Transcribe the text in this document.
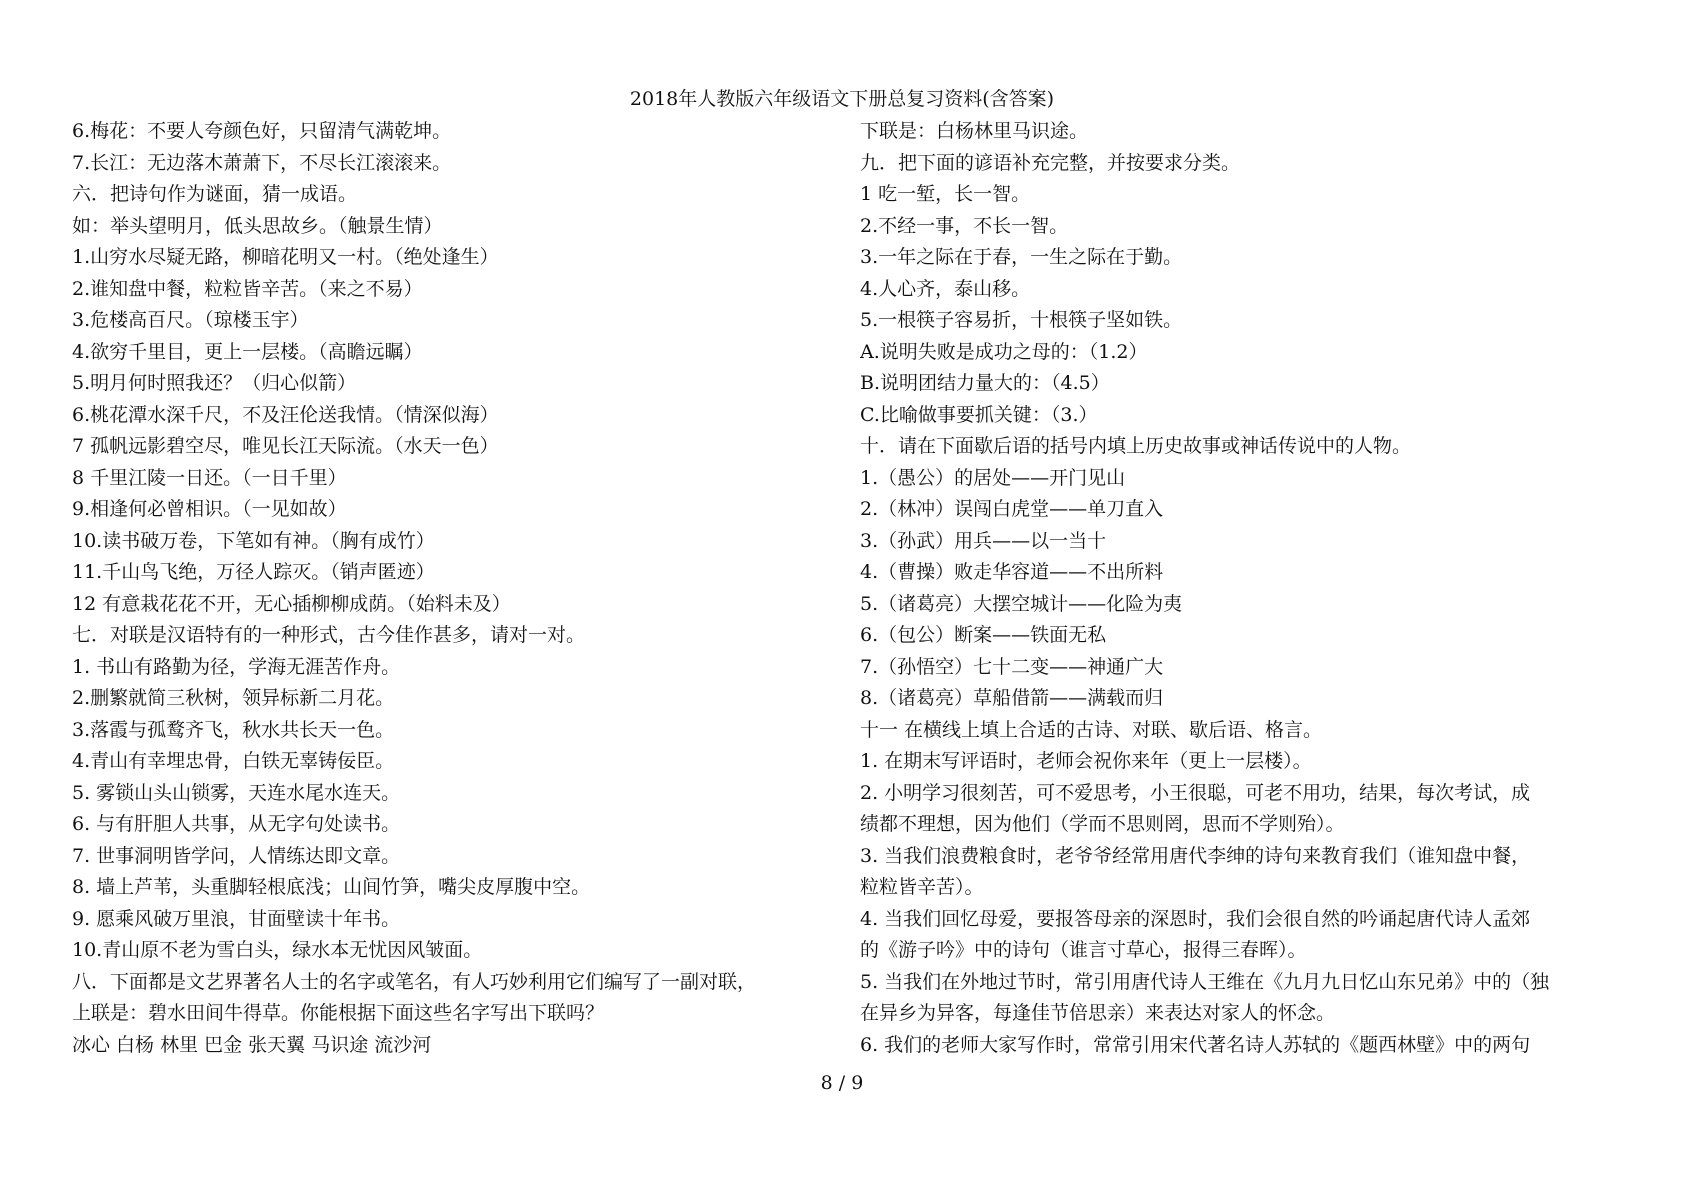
2018年人教版六年级语文下册总复习资料(含答案)
6.梅花：不要人夸颜色好，只留清气满乾坤。
7.长江：无边落木萧萧下，不尽长江滚滚来。
六．把诗句作为谜面，猜一成语。
如：举头望明月，低头思故乡。（触景生情）
1.山穷水尽疑无路，柳暗花明又一村。（绝处逢生）
2.谁知盘中餐，粒粒皆辛苦。（来之不易）
3.危楼高百尺。（琼楼玉宇）
4.欲穷千里目，更上一层楼。（高瞻远瞩）
5.明月何时照我还？（归心似箭）
6.桃花潭水深千尺，不及汪伦送我情。（情深似海）
7 孤帆远影碧空尽，唯见长江天际流。（水天一色）
8 千里江陵一日还。（一日千里）
9.相逢何必曾相识。（一见如故）
10.读书破万卷，下笔如有神。（胸有成竹）
11.千山鸟飞绝，万径人踪灭。（销声匿迹）
12 有意栽花花不开，无心插柳柳成荫。（始料未及）
七．对联是汉语特有的一种形式，古今佳作甚多，请对一对。
1. 书山有路勤为径，学海无涯苦作舟。
2.删繁就简三秋树，领异标新二月花。
3.落霞与孤鹜齐飞，秋水共长天一色。
4.青山有幸埋忠骨，白铁无辜铸佞臣。
5. 雾锁山头山锁雾，天连水尾水连天。
6. 与有肝胆人共事，从无字句处读书。
7. 世事洞明皆学问，人情练达即文章。
8. 墙上芦苇，头重脚轻根底浅；山间竹笋，嘴尖皮厚腹中空。
9. 愿乘风破万里浪，甘面壁读十年书。
10.青山原不老为雪白头，绿水本无忧因风皱面。
八．下面都是文艺界著名人士的名字或笔名，有人巧妙利用它们编写了一副对联，
上联是：碧水田间牛得草。你能根据下面这些名字写出下联吗？
冰心 白杨 林里 巴金 张天翼 马识途 流沙河
下联是：白杨林里马识途。
九．把下面的谚语补充完整，并按要求分类。
1 吃一堑，长一智。
2.不经一事，不长一智。
3.一年之际在于春，一生之际在于勤。
4.人心齐，泰山移。
5.一根筷子容易折，十根筷子坚如铁。
A.说明失败是成功之母的：（1.2）
B.说明团结力量大的：（4.5）
C.比喻做事要抓关键：（3.）
十．请在下面歇后语的括号内填上历史故事或神话传说中的人物。
1.（愚公）的居处——开门见山
2.（林冲）误闯白虎堂——单刀直入
3.（孙武）用兵——以一当十
4.（曹操）败走华容道——不出所料
5.（诸葛亮）大摆空城计——化险为夷
6.（包公）断案——铁面无私
7.（孙悟空）七十二变——神通广大
8.（诸葛亮）草船借箭——满载而归
十一 在横线上填上合适的古诗、对联、歇后语、格言。
1. 在期末写评语时，老师会祝你来年（更上一层楼）。
2. 小明学习很刻苦，可不爱思考，小王很聪，可老不用功，结果，每次考试，成
绩都不理想，因为他们（学而不思则罔，思而不学则殆）。
3. 当我们浪费粮食时，老爷爷经常用唐代李绅的诗句来教育我们（谁知盘中餐，
粒粒皆辛苦）。
4. 当我们回忆母爱，要报答母亲的深恩时，我们会很自然的吟诵起唐代诗人孟郊
的《游子吟》中的诗句（谁言寸草心，报得三春晖）。
5. 当我们在外地过节时，常引用唐代诗人王维在《九月九日忆山东兄弟》中的（独
在异乡为异客，每逢佳节倍思亲）来表达对家人的怀念。
6. 我们的老师大家写作时，常常引用宋代著名诗人苏轼的《题西林壁》中的两句
8 / 9
